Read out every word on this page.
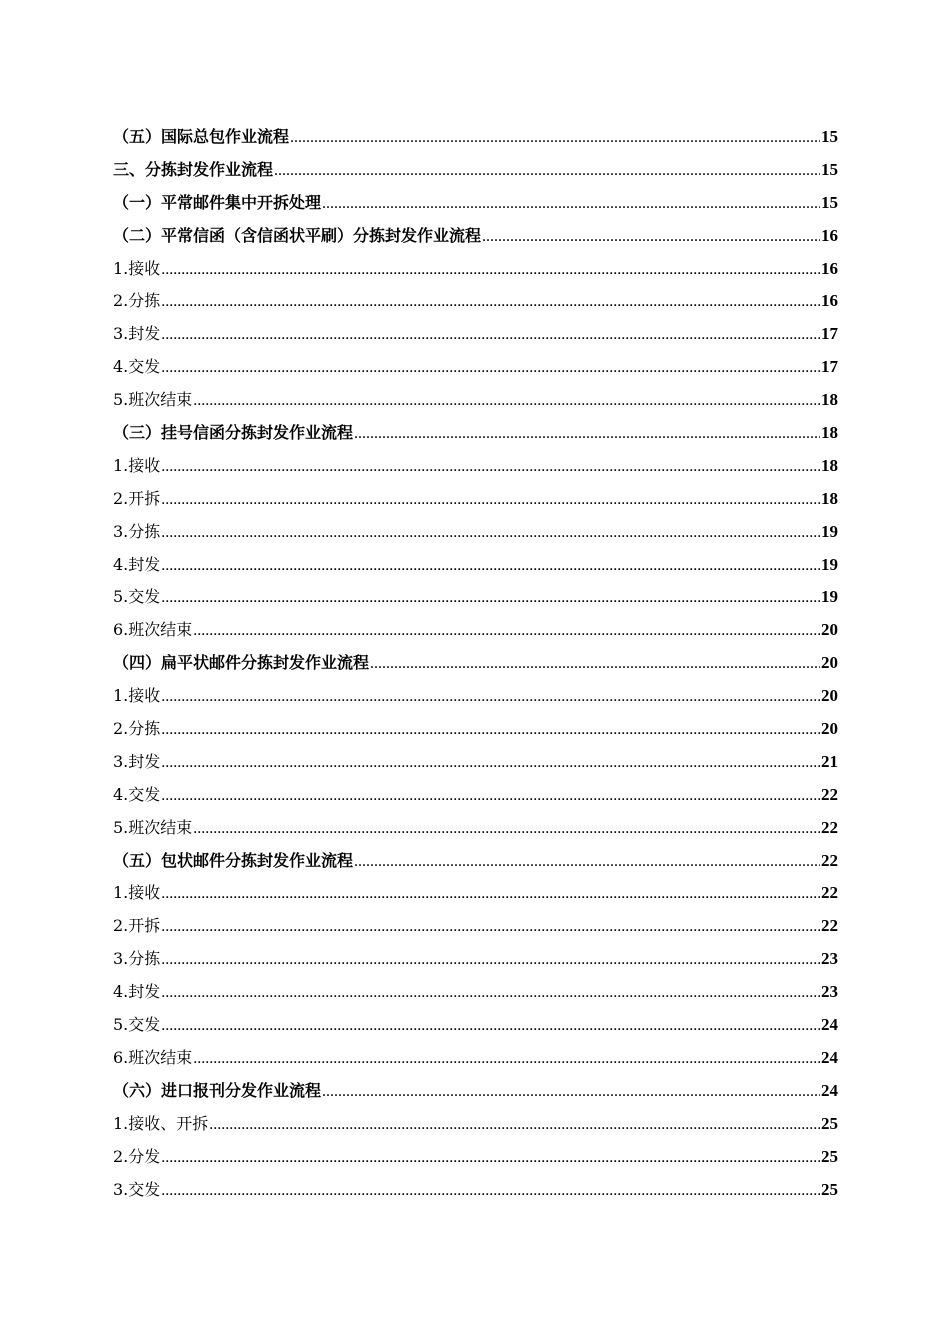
（五）国际总包作业流程 .....	15
三、分拣封发作业流程 .....	15
（一）平常邮件集中开拆处理 .....	15
（二）平常信函（含信函状平刷）分拣封发作业流程 .....	16
1.接收 .....	16
2.分拣 .....	16
3.封发 .....	17
4.交发 .....	17
5.班次结束 .....	18
（三）挂号信函分拣封发作业流程 .....	18
1.接收 .....	18
2.开拆 .....	18
3.分拣 .....	19
4.封发 .....	19
5.交发 .....	19
6.班次结束 .....	20
（四）扁平状邮件分拣封发作业流程 .....	20
1.接收 .....	20
2.分拣 .....	20
3.封发 .....	21
4.交发 .....	22
5.班次结束 .....	22
（五）包状邮件分拣封发作业流程 .....	22
1.接收 .....	22
2.开拆 .....	22
3.分拣 .....	23
4.封发 .....	23
5.交发 .....	24
6.班次结束 .....	24
（六）进口报刊分发作业流程 .....	24
1.接收、开拆 .....	25
2.分发 .....	25
3.交发 .....	25
